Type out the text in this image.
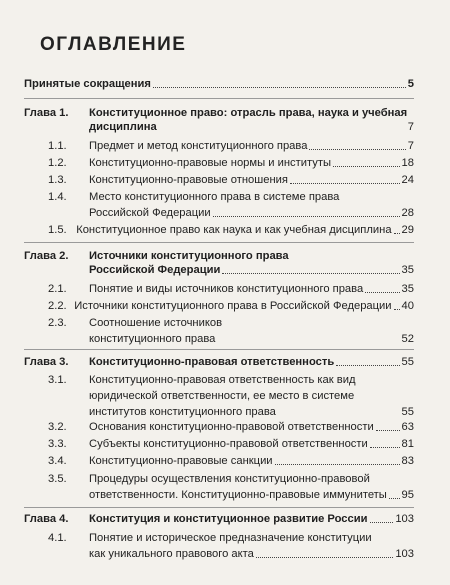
ОГЛАВЛЕНИЕ
Принятые сокращения	5
Глава 1. Конституционное право: отрасль права, наука и учебная
дисциплина	7
1.1.	Предмет и метод конституционного права	7
1.2.	Конституционно-правовые нормы и институты	18
1.3.	Конституционно-правовые отношения	24
1.4. Место конституционного права в системе права
Российской Федерации	28
1.5. Конституционное право как наука и как учебная дисциплина 29
Глава 2. Источники конституционного права
Российской Федерации	35
2.1.	Понятие и виды источников конституционного права	35
2.2. Источники конституционного права в Российской Федерации 40
2.3. Соотношение источников
конституционного права	52
Глава 3.	Конституционно-правовая ответственность	55
3.1. Конституционно-правовая ответственность как вид
юридической ответственности, ее место в системе
институтов конституционного права	55
3.2.	Основания конституционно-правовой ответственности 63
3.3.	Субъекты конституционно-правовой ответственности	81
3.4.	Конституционно-правовые санкции	83
3.5. Процедуры осуществления конституционно-правовой
ответственности. Конституционно-правовые иммунитеты 95
Глава 4.	Конституция и конституционное развитие России 103
4.1. Понятие и историческое предназначение конституции
как уникального правового акта	103
